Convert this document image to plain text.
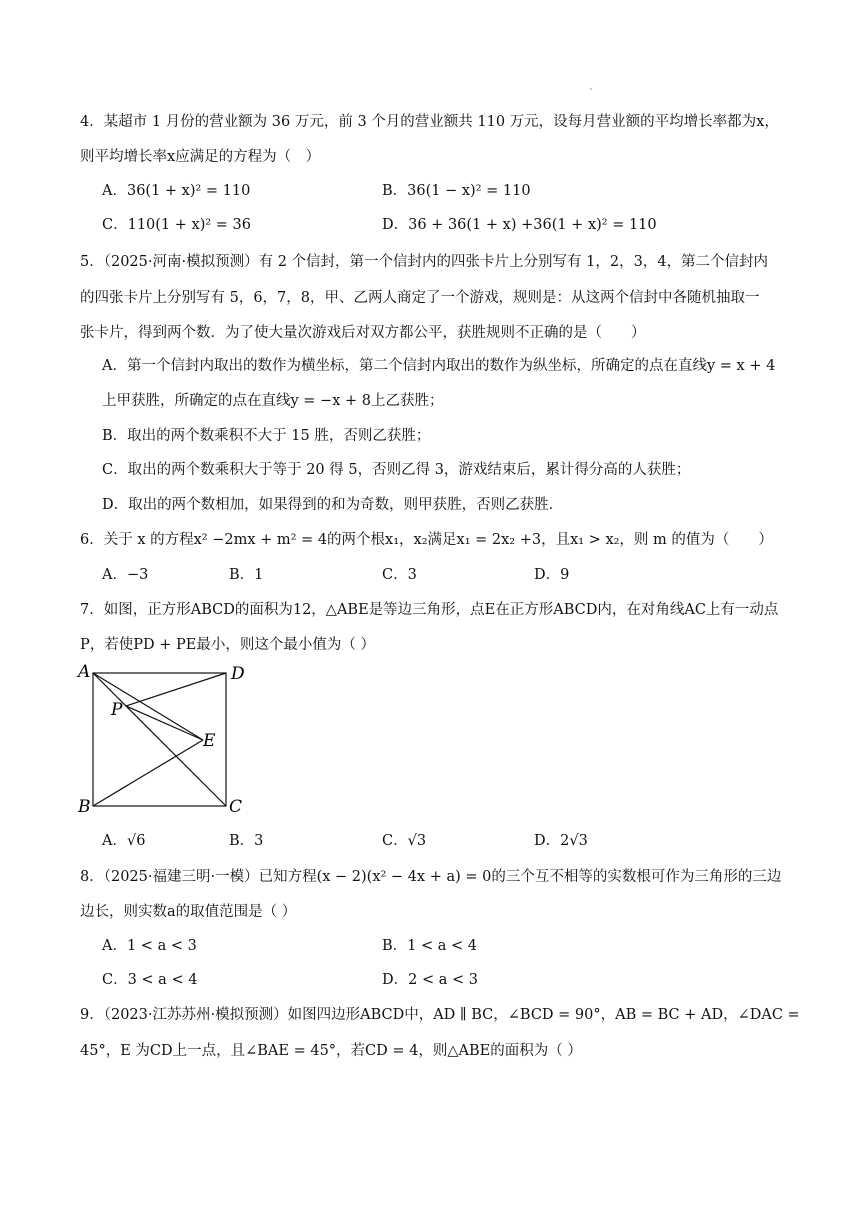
4．某超市 1 月份的营业额为 36 万元，前 3 个月的营业额共 110 万元，设每月营业额的平均增长率都为x，
则平均增长率x应满足的方程为（　）
A．36(1 + x)² = 110	B．36(1 − x)² = 110
C．110(1 + x)² = 36	D．36 + 36(1 + x) +36(1 + x)² = 110
5．（2025·河南·模拟预测）有 2 个信封，第一个信封内的四张卡片上分别写有 1，2，3，4，第二个信封内
的四张卡片上分别写有 5，6，7，8，甲、乙两人商定了一个游戏，规则是：从这两个信封中各随机抽取一
张卡片，得到两个数．为了使大量次游戏后对双方都公平，获胜规则不正确的是（　　）
A．第一个信封内取出的数作为横坐标，第二个信封内取出的数作为纵坐标，所确定的点在直线y = x + 4
上甲获胜，所确定的点在直线y = −x + 8上乙获胜；
B．取出的两个数乘积不大于 15 胜，否则乙获胜；
C．取出的两个数乘积大于等于 20 得 5，否则乙得 3，游戏结束后，累计得分高的人获胜；
D．取出的两个数相加，如果得到的和为奇数，则甲获胜，否则乙获胜．
6．关于 x 的方程x² −2mx + m² = 4的两个根x₁，x₂满足x₁ = 2x₂ +3，且x₁ > x₂，则 m 的值为（　　）
A．−3	B．1	C．3	D．9
7．如图，正方形ABCD的面积为12，△ABE是等边三角形，点E在正方形ABCD内，在对角线AC上有一动点
P，若使PD + PE最小，则这个最小值为（ ）
A	D
P
E
B	C
A．√6	B．3	C．√3	D．2√3
8．（2025·福建三明·一模）已知方程(x − 2)(x² − 4x + a) = 0的三个互不相等的实数根可作为三角形的三边
边长，则实数a的取值范围是（ ）
A．1 < a < 3	B．1 < a < 4
C．3 < a < 4	D．2 < a < 3
9．（2023·江苏苏州·模拟预测）如图四边形ABCD中，AD ∥ BC，∠BCD = 90°，AB = BC + AD，∠DAC =
45°，E 为CD上一点，且∠BAE = 45°，若CD = 4，则△ABE的面积为（ ）
